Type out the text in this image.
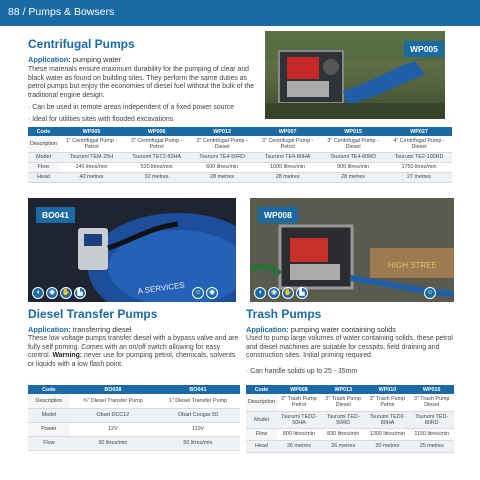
88 / Pumps & Bowsers
Centrifugal Pumps
Application: pumping water
These materials ensure maximum durability for the pumping of clear and black water as found on building sites. They perform the same duties as petrol pumps but enjoy the economies of diesel fuel without the bulk of the traditional engine design.
· Can be used in remote areas independent of a fixed power source
· Ideal for utilities sites with flooded excavations
WP005
Code	WP005	WP006	WP012	WP007	WP015	WP027
Description	1" Centrifugal Pump - Petrol	2" Centrifugal Pump - Petrol	2" Centrifugal Pump - Diesel	3" Centrifugal Pump - Petrol	3" Centrifugal Pump - Diesel	4" Centrifugal Pump - Diesel
Model	Tsurumi TEM-25H	Tsurumi TET2-50HA	Tsurumi TE4-50RD	Tsurumi TE4-80HA	Tsurumi TE4-80RD	Tsurumi TE2-100RD
Flow	140 litres/min	520 litres/min	600 litres/min	1000 litres/min	900 litres/min	1750 litres/min
Head	40 metres	32 metres	28 metres	28 metres	28 metres	27 metres
A SERVICES
BO041
◖	◉ ✋ ▙	☺	◉
HIGH STREE
WP008
◖	◉ ✋ ▙	☺
Diesel Transfer Pumps
Application: transferring diesel
These low voltage pumps transfer diesel with a bypass valve and are fully self priming. Comes with an on/off switch allowing for easy control. Warning: never use for pumping petrol, chemicals, solvents or liquids with a low flash point.
Trash Pumps
Application: pumping water containing solids
Used to pump large volumes of water containing solids, these petrol and diesel machines are suitable for cesspits, field draining and construction sites. Initial priming required.
· Can handle solids up to 25 - 35mm
Code	BO028	BO041
Description	¾" Diesel Transfer Pump	1" Diesel Transfer Pump
Model	Obart DCC12	Obart Cougar 50
Power	12V	110V
Flow	30 litres/min	50 litres/min
Code	WP008	WP013	WP010	WP016
Description	2" Trash Pump Petrol	2" Trash Pump Diesel	3" Trash Pump Petrol	3" Trash Pump Diesel
Model	Tsurumi TED2-50HA	Tsurumi TED-50RD	Tsurumi TED2-80HA	Tsurumi TED-80RD
Flow	800 litres/min	830 litres/min	1300 litres/min	1150 litres/min
Head	26 metres	26 metres	30 metres	25 metres
